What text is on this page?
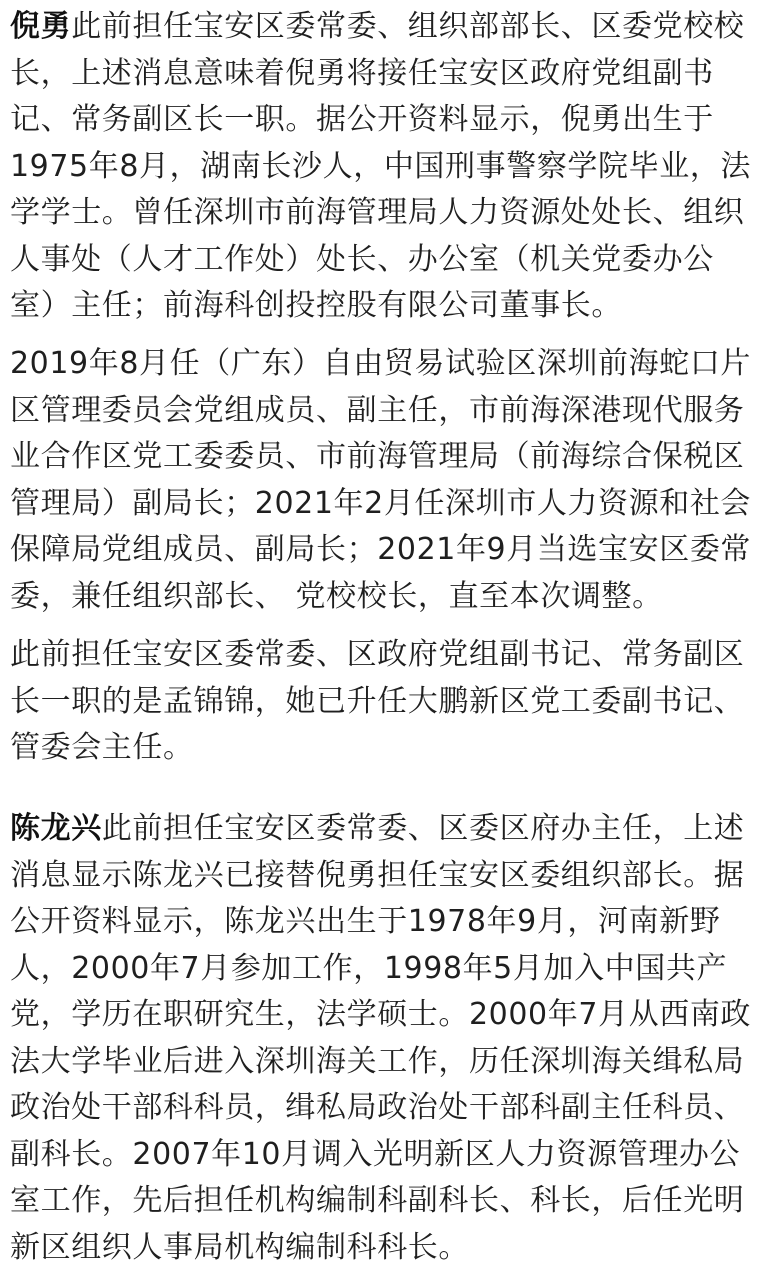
倪勇此前担任宝安区委常委、组织部部长、区委党校校
长，上述消息意味着倪勇将接任宝安区政府党组副书
记、常务副区长一职。据公开资料显示，倪勇出生于
1975年8月，湖南长沙人，中国刑事警察学院毕业，法
学学士。曾任深圳市前海管理局人力资源处处长、组织
人事处（人才工作处）处长、办公室（机关党委办公
室）主任；前海科创投控股有限公司董事长。
2019年8月任（广东）自由贸易试验区深圳前海蛇口片
区管理委员会党组成员、副主任，市前海深港现代服务
业合作区党工委委员、市前海管理局（前海综合保税区
管理局）副局长；2021年2月任深圳市人力资源和社会
保障局党组成员、副局长；2021年9月当选宝安区委常
委，兼任组织部长、 党校校长，直至本次调整。
此前担任宝安区委常委、区政府党组副书记、常务副区
长一职的是孟锦锦，她已升任大鹏新区党工委副书记、
管委会主任。
陈龙兴此前担任宝安区委常委、区委区府办主任，上述
消息显示陈龙兴已接替倪勇担任宝安区委组织部长。据
公开资料显示，陈龙兴出生于1978年9月，河南新野
人，2000年7月参加工作，1998年5月加入中国共产
党，学历在职研究生，法学硕士。2000年7月从西南政
法大学毕业后进入深圳海关工作，历任深圳海关缉私局
政治处干部科科员，缉私局政治处干部科副主任科员、
副科长。2007年10月调入光明新区人力资源管理办公
室工作，先后担任机构编制科副科长、科长，后任光明
新区组织人事局机构编制科科长。
